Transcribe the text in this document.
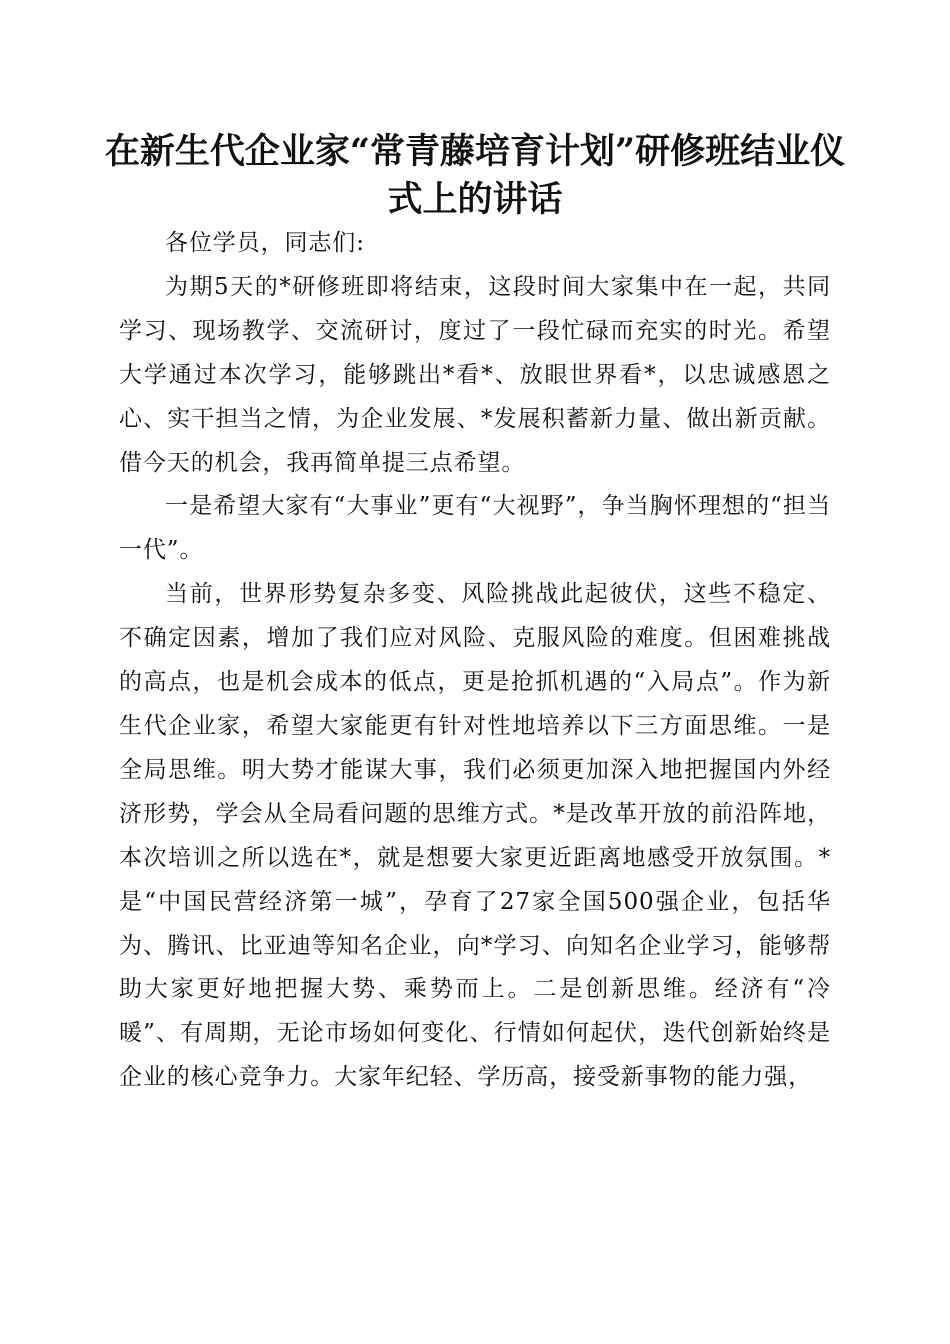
在新生代企业家“常青藤培育计划”研修班结业仪式上的讲话

各位学员，同志们:

为期5天的*研修班即将结束，这段时间大家集中在一起，共同学习、现场教学、交流研讨，度过了一段忙碌而充实的时光。希望大学通过本次学习，能够跳出*看*、放眼世界看*，以忠诚感恩之心、实干担当之情，为企业发展、*发展积蓄新力量、做出新贡献。借今天的机会，我再简单提三点希望。

一是希望大家有“大事业”更有“大视野”，争当胸怀理想的“担当一代”。

当前，世界形势复杂多变、风险挑战此起彼伏，这些不稳定、不确定因素，增加了我们应对风险、克服风险的难度。但困难挑战的高点，也是机会成本的低点，更是抢抓机遇的“入局点”。作为新生代企业家，希望大家能更有针对性地培养以下三方面思维。一是全局思维。明大势才能谋大事，我们必须更加深入地把握国内外经济形势，学会从全局看问题的思维方式。*是改革开放的前沿阵地，本次培训之所以选在*，就是想要大家更近距离地感受开放氛围。*是“中国民营经济第一城”，孕育了27家全国500强企业，包括华为、腾讯、比亚迪等知名企业，向*学习、向知名企业学习，能够帮助大家更好地把握大势、乘势而上。二是创新思维。经济有“冷暖”、有周期，无论市场如何变化、行情如何起伏，迭代创新始终是企业的核心竞争力。大家年纪轻、学历高，接受新事物的能力强，
